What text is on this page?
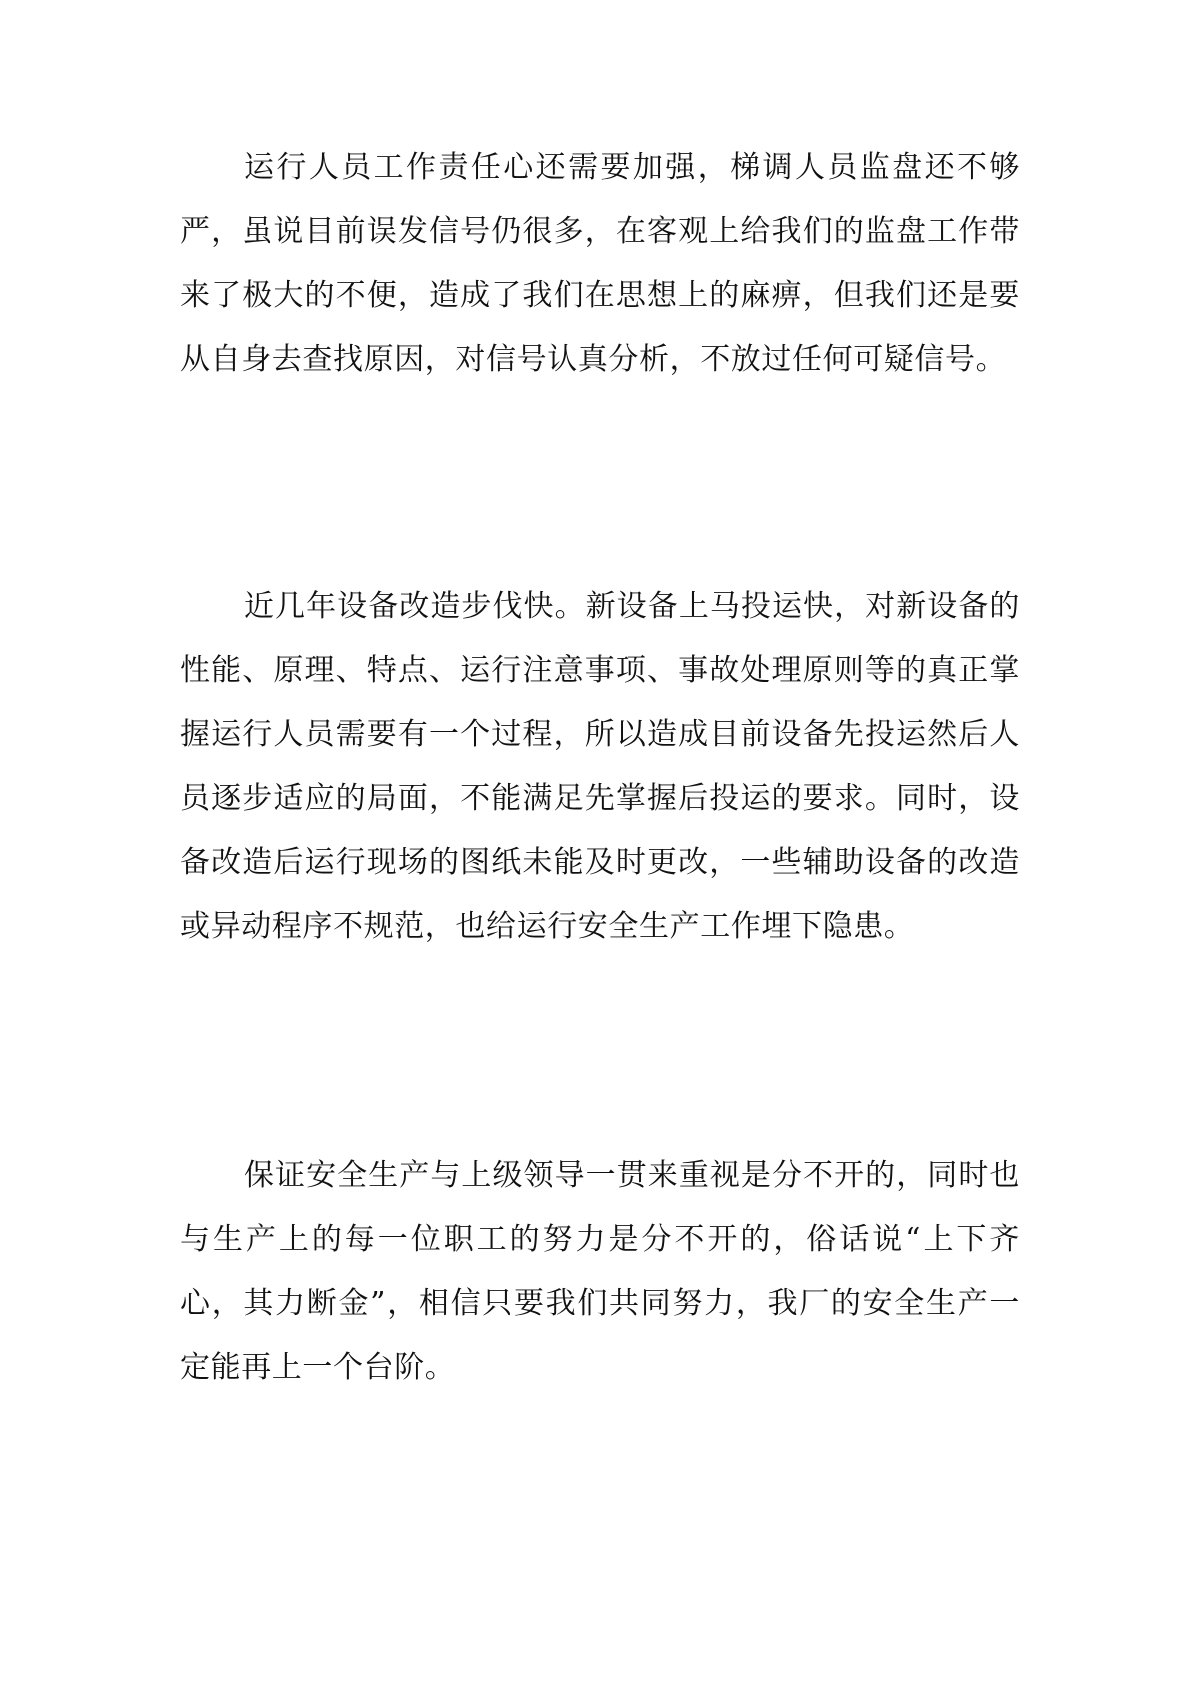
运行人员工作责任心还需要加强，梯调人员监盘还不够严，虽说目前误发信号仍很多，在客观上给我们的监盘工作带来了极大的不便，造成了我们在思想上的麻痹，但我们还是要从自身去查找原因，对信号认真分析，不放过任何可疑信号。

近几年设备改造步伐快。新设备上马投运快，对新设备的性能、原理、特点、运行注意事项、事故处理原则等的真正掌握运行人员需要有一个过程，所以造成目前设备先投运然后人员逐步适应的局面，不能满足先掌握后投运的要求。同时，设备改造后运行现场的图纸未能及时更改，一些辅助设备的改造或异动程序不规范，也给运行安全生产工作埋下隐患。

保证安全生产与上级领导一贯来重视是分不开的，同时也与生产上的每一位职工的努力是分不开的，俗话说“上下齐心，其力断金”，相信只要我们共同努力，我厂的安全生产一定能再上一个台阶。
